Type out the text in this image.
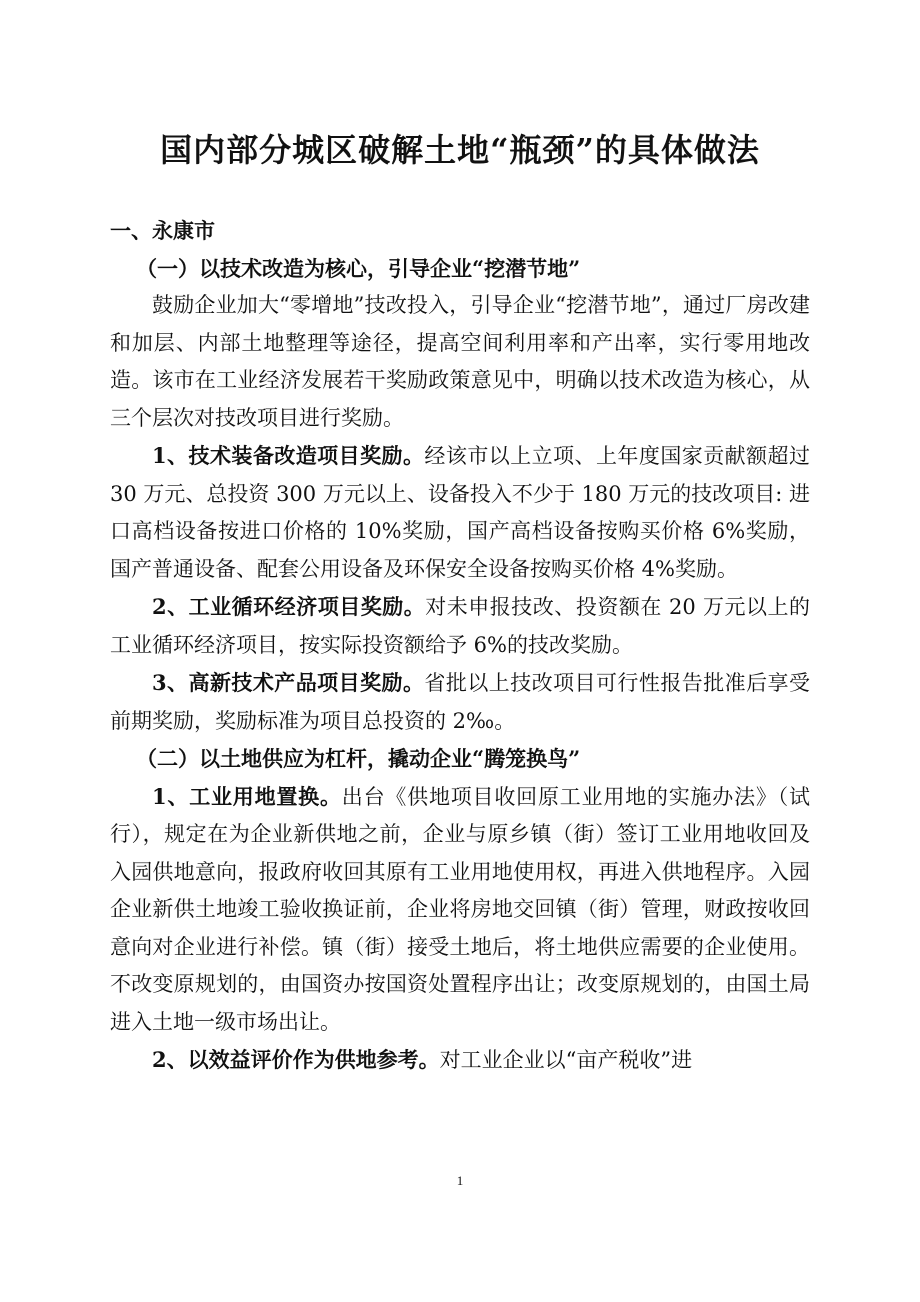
国内部分城区破解土地“瓶颈”的具体做法

一、永康市

（一）以技术改造为核心，引导企业“挖潜节地”

鼓励企业加大“零增地”技改投入，引导企业“挖潜节地”，通过厂房改建和加层、内部土地整理等途径，提高空间利用率和产出率，实行零用地改造。该市在工业经济发展若干奖励政策意见中，明确以技术改造为核心，从三个层次对技改项目进行奖励。

1、技术装备改造项目奖励。经该市以上立项、上年度国家贡献额超过 30 万元、总投资 300 万元以上、设备投入不少于 180 万元的技改项目: 进口高档设备按进口价格的 10%奖励，国产高档设备按购买价格 6%奖励，国产普通设备、配套公用设备及环保安全设备按购买价格 4%奖励。

2、工业循环经济项目奖励。对未申报技改、投资额在 20 万元以上的工业循环经济项目，按实际投资额给予 6%的技改奖励。

3、高新技术产品项目奖励。省批以上技改项目可行性报告批准后享受前期奖励，奖励标准为项目总投资的 2‰。

（二）以土地供应为杠杆，撬动企业“腾笼换鸟”

1、工业用地置换。出台《供地项目收回原工业用地的实施办法》（试行），规定在为企业新供地之前，企业与原乡镇（街）签订工业用地收回及入园供地意向，报政府收回其原有工业用地使用权，再进入供地程序。入园企业新供土地竣工验收换证前，企业将房地交回镇（街）管理，财政按收回意向对企业进行补偿。镇（街）接受土地后，将土地供应需要的企业使用。不改变原规划的，由国资办按国资处置程序出让；改变原规划的，由国土局进入土地一级市场出让。

2、以效益评价作为供地参考。对工业企业以“亩产税收”进

1
